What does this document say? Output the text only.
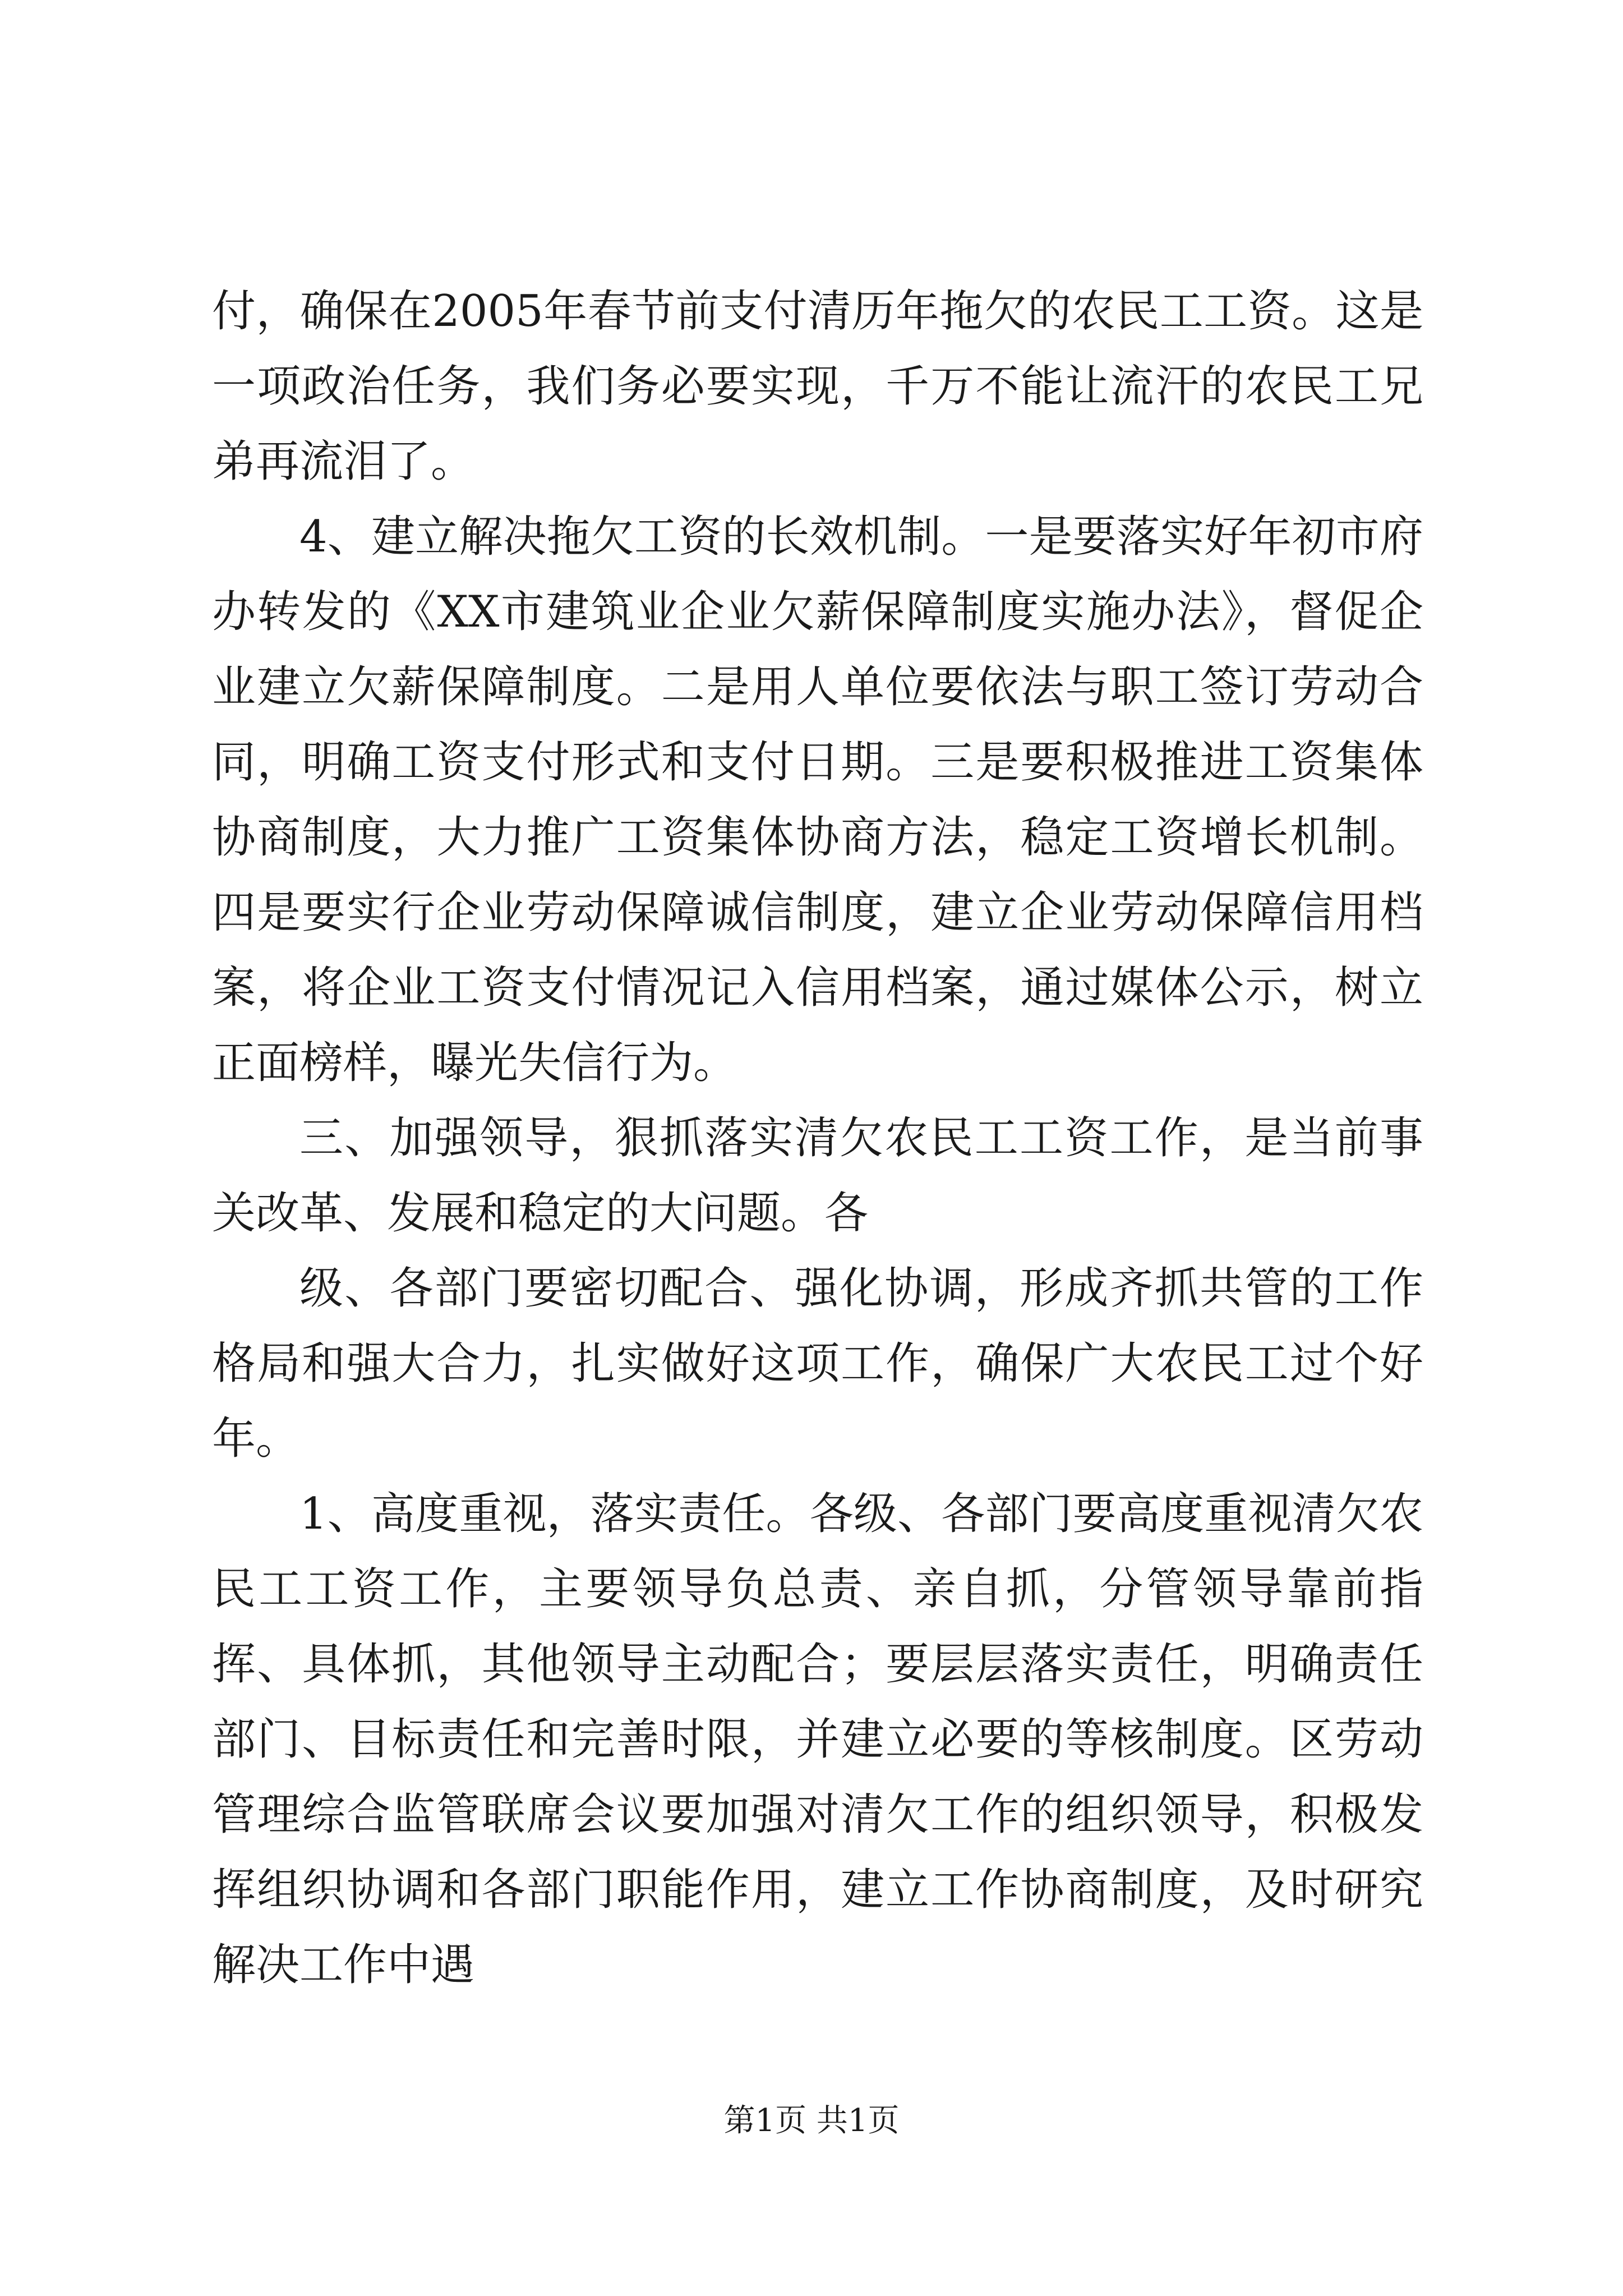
付，确保在2005年春节前支付清历年拖欠的农民工工资。这是一项政治任务，我们务必要实现，千万不能让流汗的农民工兄弟再流泪了。

4、建立解决拖欠工资的长效机制。一是要落实好年初市府办转发的《XX市建筑业企业欠薪保障制度实施办法》，督促企业建立欠薪保障制度。二是用人单位要依法与职工签订劳动合同，明确工资支付形式和支付日期。三是要积极推进工资集体协商制度，大力推广工资集体协商方法，稳定工资增长机制。四是要实行企业劳动保障诚信制度，建立企业劳动保障信用档案，将企业工资支付情况记入信用档案，通过媒体公示，树立正面榜样，曝光失信行为。

三、加强领导，狠抓落实清欠农民工工资工作，是当前事关改革、发展和稳定的大问题。各

级、各部门要密切配合、强化协调，形成齐抓共管的工作格局和强大合力，扎实做好这项工作，确保广大农民工过个好年。

1、高度重视，落实责任。各级、各部门要高度重视清欠农民工工资工作，主要领导负总责、亲自抓，分管领导靠前指挥、具体抓，其他领导主动配合；要层层落实责任，明确责任部门、目标责任和完善时限，并建立必要的等核制度。区劳动管理综合监管联席会议要加强对清欠工作的组织领导，积极发挥组织协调和各部门职能作用，建立工作协商制度，及时研究解决工作中遇

第1页 共1页
